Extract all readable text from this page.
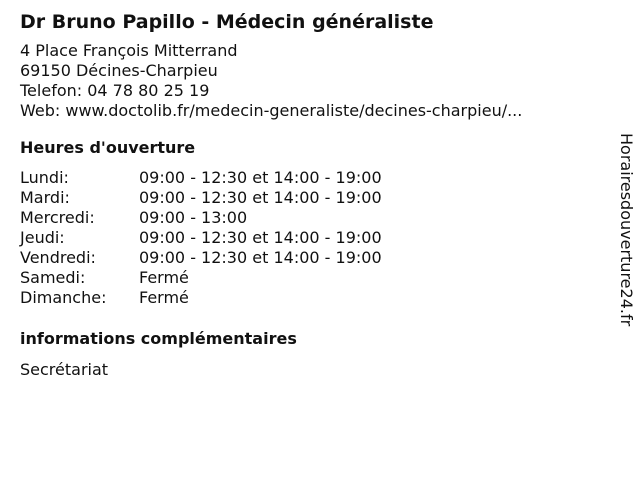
Dr Bruno Papillo - Médecin généraliste
4 Place François Mitterrand
69150 Décines-Charpieu
Telefon: 04 78 80 25 19
Web: www.doctolib.fr/medecin-generaliste/decines-charpieu/...
Heures d'ouverture
Lundi:	09:00 - 12:30 et 14:00 - 19:00
Mardi:	09:00 - 12:30 et 14:00 - 19:00
Mercredi:	09:00 - 13:00
Jeudi:	09:00 - 12:30 et 14:00 - 19:00
Vendredi:	09:00 - 12:30 et 14:00 - 19:00
Samedi:	Fermé
Dimanche:	Fermé
informations complémentaires
Secrétariat
Horairesdouverture24.fr
